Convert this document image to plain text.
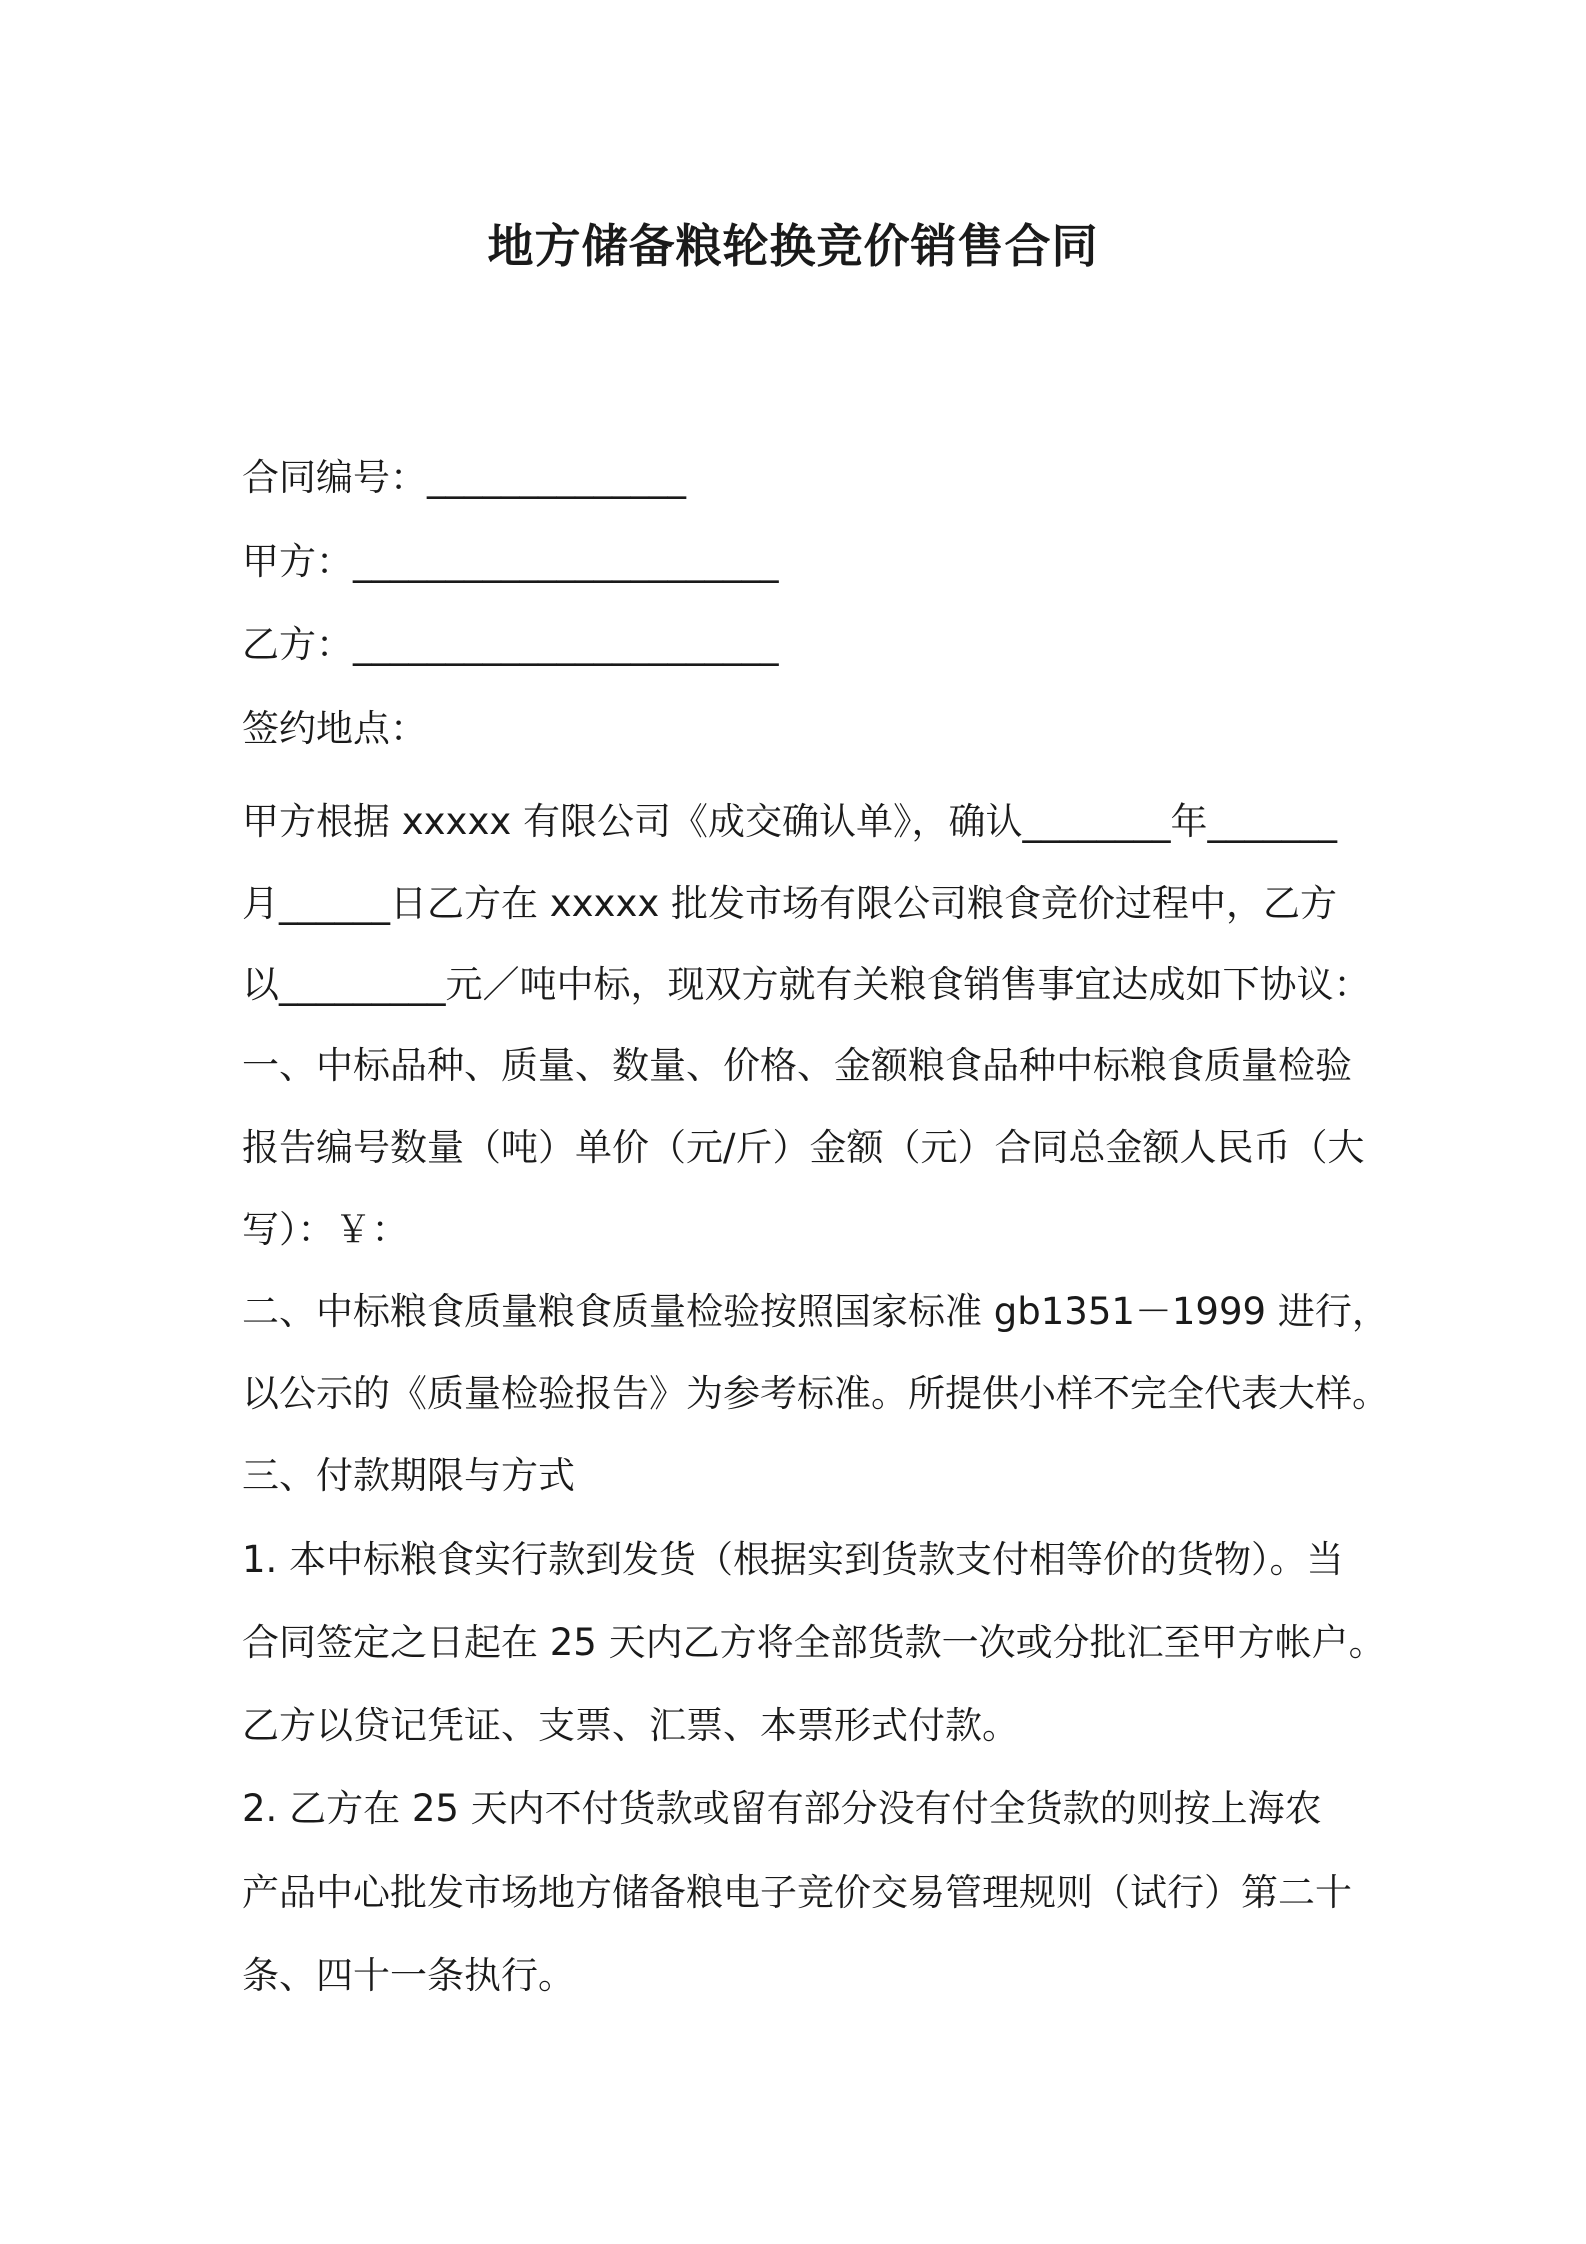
地方储备粮轮换竞价销售合同
合同编号：______________
甲方：_______________________
乙方：_______________________
签约地点：
甲方根据 xxxxx 有限公司《成交确认单》，确认________年_______
月______日乙方在 xxxxx 批发市场有限公司粮食竞价过程中，乙方
以_________元／吨中标，现双方就有关粮食销售事宜达成如下协议：
一、中标品种、质量、数量、价格、金额粮食品种中标粮食质量检验
报告编号数量（吨）单价（元/斤）金额（元）合同总金额人民币（大
写）：￥：
二、中标粮食质量粮食质量检验按照国家标准 gb1351－1999 进行，
以公示的《质量检验报告》为参考标准。所提供小样不完全代表大样。
三、付款期限与方式
1. 本中标粮食实行款到发货（根据实到货款支付相等价的货物）。当
合同签定之日起在 25 天内乙方将全部货款一次或分批汇至甲方帐户。
乙方以贷记凭证、支票、汇票、本票形式付款。
2. 乙方在 25 天内不付货款或留有部分没有付全货款的则按上海农
产品中心批发市场地方储备粮电子竞价交易管理规则（试行）第二十
条、四十一条执行。
